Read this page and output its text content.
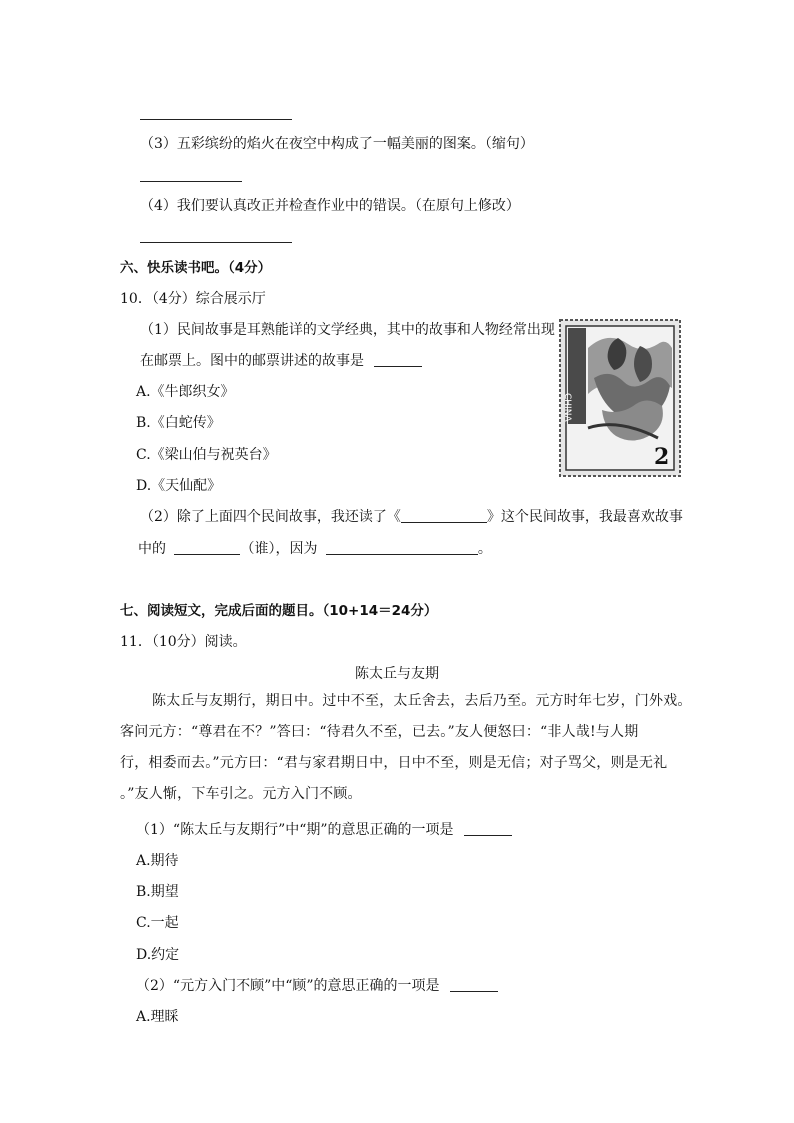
（3）五彩缤纷的焰火在夜空中构成了一幅美丽的图案。（缩句）
（4）我们要认真改正并检查作业中的错误。（在原句上修改）
六、快乐读书吧。（4分）
10．（4分）综合展示厅
（1）民间故事是耳熟能详的文学经典，其中的故事和人物经常出现
在邮票上。图中的邮票讲述的故事是
A.《牛郎织女》
B.《白蛇传》
C.《梁山伯与祝英台》
D.《天仙配》
CHINA
2
（2）除了上面四个民间故事，我还读了《	》这个民间故事，我最喜欢故事
中的	（谁），因为	。
七、阅读短文，完成后面的题目。（10+14＝24分）
11．（10分）阅读。
陈太丘与友期
陈太丘与友期行，期日中。过中不至，太丘舍去，去后乃至。元方时年七岁，门外戏。
客问元方：“尊君在不？”答曰：“待君久不至，已去。”友人便怒曰：“非人哉!与人期
行，相委而去。”元方曰：“君与家君期日中，日中不至，则是无信；对子骂父，则是无礼
。”友人惭，下车引之。元方入门不顾。
（1）“陈太丘与友期行”中“期”的意思正确的一项是
A.期待
B.期望
C.一起
D.约定
（2）“元方入门不顾”中“顾”的意思正确的一项是
A.理睬
